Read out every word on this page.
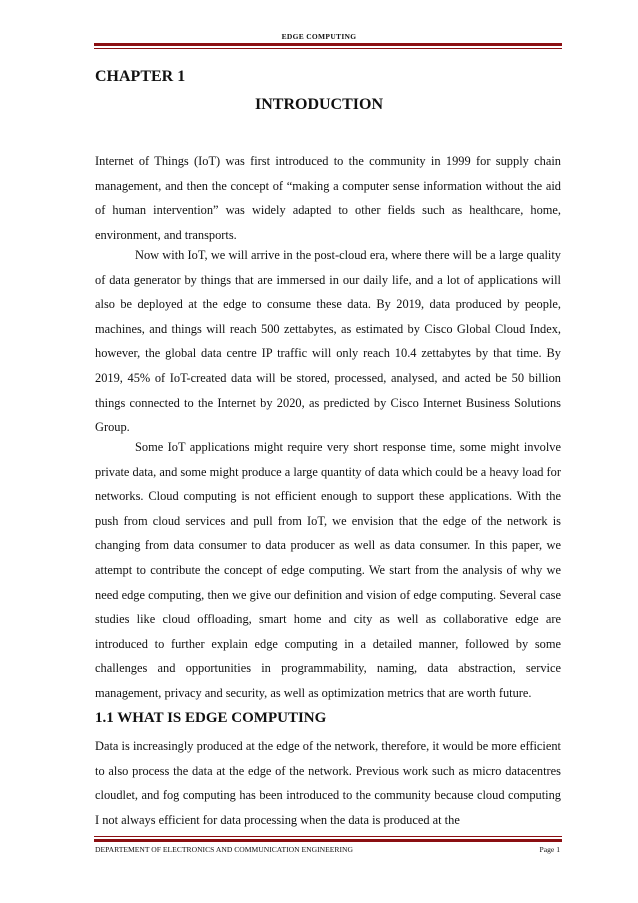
EDGE COMPUTING
CHAPTER 1
INTRODUCTION

Internet of Things (IoT) was first introduced to the community in 1999 for supply chain management, and then the concept of “making a computer sense information without the aid of human intervention” was widely adapted to other fields such as healthcare, home, environment, and transports.

Now with IoT, we will arrive in the post-cloud era, where there will be a large quality of data generator by things that are immersed in our daily life, and a lot of applications will also be deployed at the edge to consume these data. By 2019, data produced by people, machines, and things will reach 500 zettabytes, as estimated by Cisco Global Cloud Index, however, the global data centre IP traffic will only reach 10.4 zettabytes by that time. By 2019, 45% of IoT-created data will be stored, processed, analysed, and acted be 50 billion things connected to the Internet by 2020, as predicted by Cisco Internet Business Solutions Group.

Some IoT applications might require very short response time, some might involve private data, and some might produce a large quantity of data which could be a heavy load for networks. Cloud computing is not efficient enough to support these applications. With the push from cloud services and pull from IoT, we envision that the edge of the network is changing from data consumer to data producer as well as data consumer. In this paper, we attempt to contribute the concept of edge computing. We start from the analysis of why we need edge computing, then we give our definition and vision of edge computing. Several case studies like cloud offloading, smart home and city as well as collaborative edge are introduced to further explain edge computing in a detailed manner, followed by some challenges and opportunities in programmability, naming, data abstraction, service management, privacy and security, as well as optimization metrics that are worth future.

1.1 WHAT IS EDGE COMPUTING

Data is increasingly produced at the edge of the network, therefore, it would be more efficient to also process the data at the edge of the network. Previous work such as micro datacentres cloudlet, and fog computing has been introduced to the community because cloud computing I not always efficient for data processing when the data is produced at the

DEPARTEMENT OF ELECTRONICS AND COMMUNICATION ENGINEERING	Page 1
